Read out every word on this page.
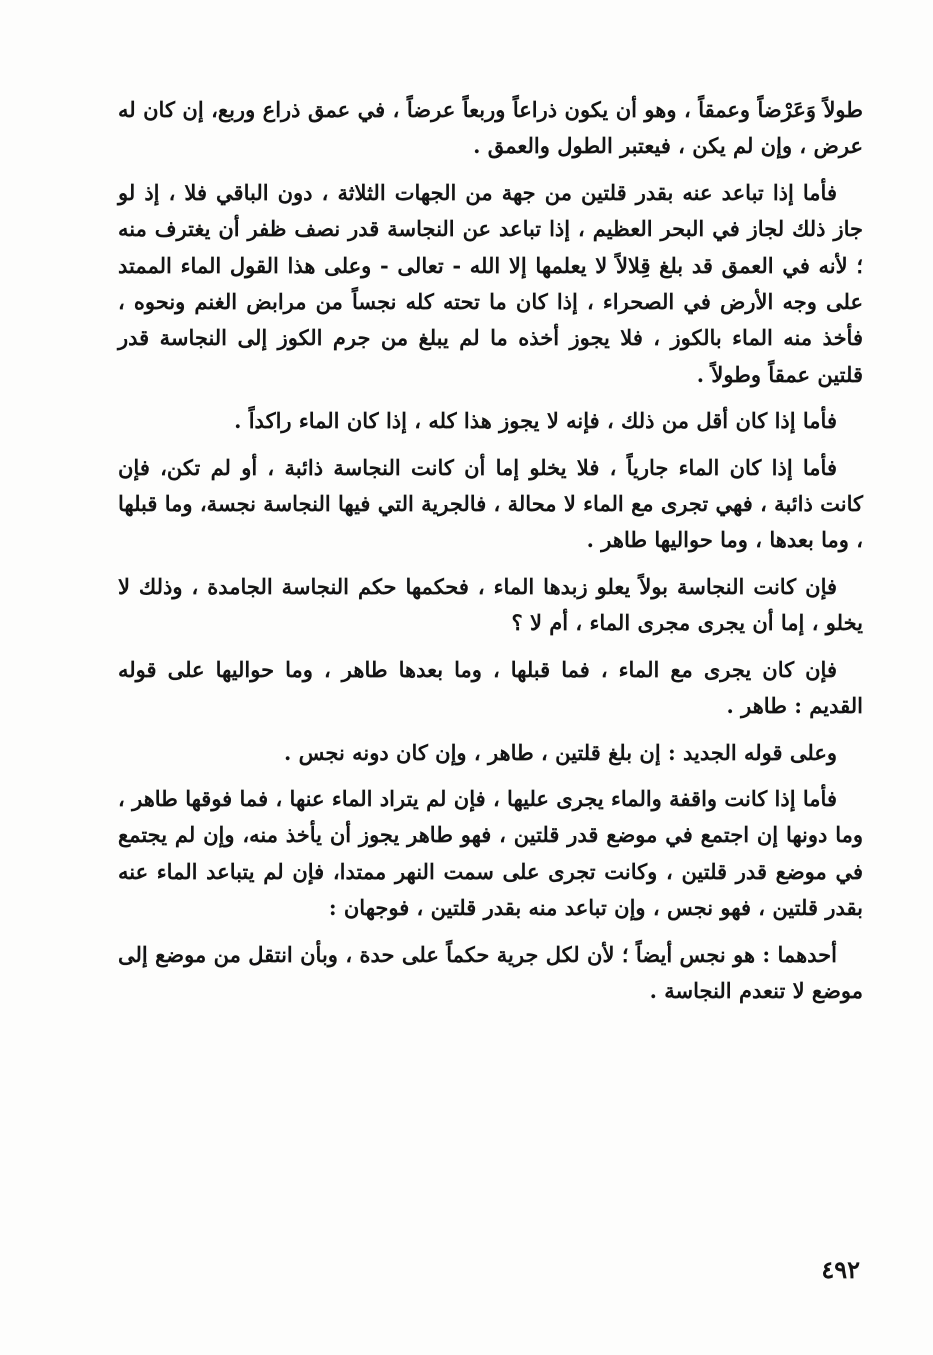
طولاً وَعَرْضاً وعمقاً ، وهو أن يكون ذراعاً وربعاً عرضاً ، في عمق ذراع وربع، إن كان له عرض ، وإن لم يكن ، فيعتبر الطول والعمق .

فأما إذا تباعد عنه بقدر قلتين من جهة من الجهات الثلاثة ، دون الباقي فلا ، إذ لو جاز ذلك لجاز في البحر العظيم ، إذا تباعد عن النجاسة قدر نصف ظفر أن يغترف منه ؛ لأنه في العمق قد بلغ قِلالاً لا يعلمها إلا الله - تعالى - وعلى هذا القول الماء الممتد على وجه الأرض في الصحراء ، إذا كان ما تحته كله نجساً من مرابض الغنم ونحوه ، فأخذ منه الماء بالكوز ، فلا يجوز أخذه ما لم يبلغ من جرم الكوز إلى النجاسة قدر قلتين عمقاً وطولاً .

فأما إذا كان أقل من ذلك ، فإنه لا يجوز هذا كله ، إذا كان الماء راكداً .

فأما إذا كان الماء جارياً ، فلا يخلو إما أن كانت النجاسة ذائبة ، أو لم تكن، فإن كانت ذائبة ، فهي تجرى مع الماء لا محالة ، فالجرية التي فيها النجاسة نجسة، وما قبلها ، وما بعدها ، وما حواليها طاهر .

فإن كانت النجاسة بولاً يعلو زبدها الماء ، فحكمها حكم النجاسة الجامدة ، وذلك لا يخلو ، إما أن يجرى مجرى الماء ، أم لا ؟

فإن كان يجرى مع الماء ، فما قبلها ، وما بعدها طاهر ، وما حواليها على قوله القديم : طاهر .

وعلى قوله الجديد : إن بلغ قلتين ، طاهر ، وإن كان دونه نجس .

فأما إذا كانت واقفة والماء يجرى عليها ، فإن لم يتراد الماء عنها ، فما فوقها طاهر ، وما دونها إن اجتمع في موضع قدر قلتين ، فهو طاهر يجوز أن يأخذ منه، وإن لم يجتمع في موضع قدر قلتين ، وكانت تجرى على سمت النهر ممتدا، فإن لم يتباعد الماء عنه بقدر قلتين ، فهو نجس ، وإن تباعد منه بقدر قلتين ، فوجهان :

أحدهما : هو نجس أيضاً ؛ لأن لكل جرية حكماً على حدة ، وبأن انتقل من موضع إلى موضع لا تنعدم النجاسة .

٤٩٢
